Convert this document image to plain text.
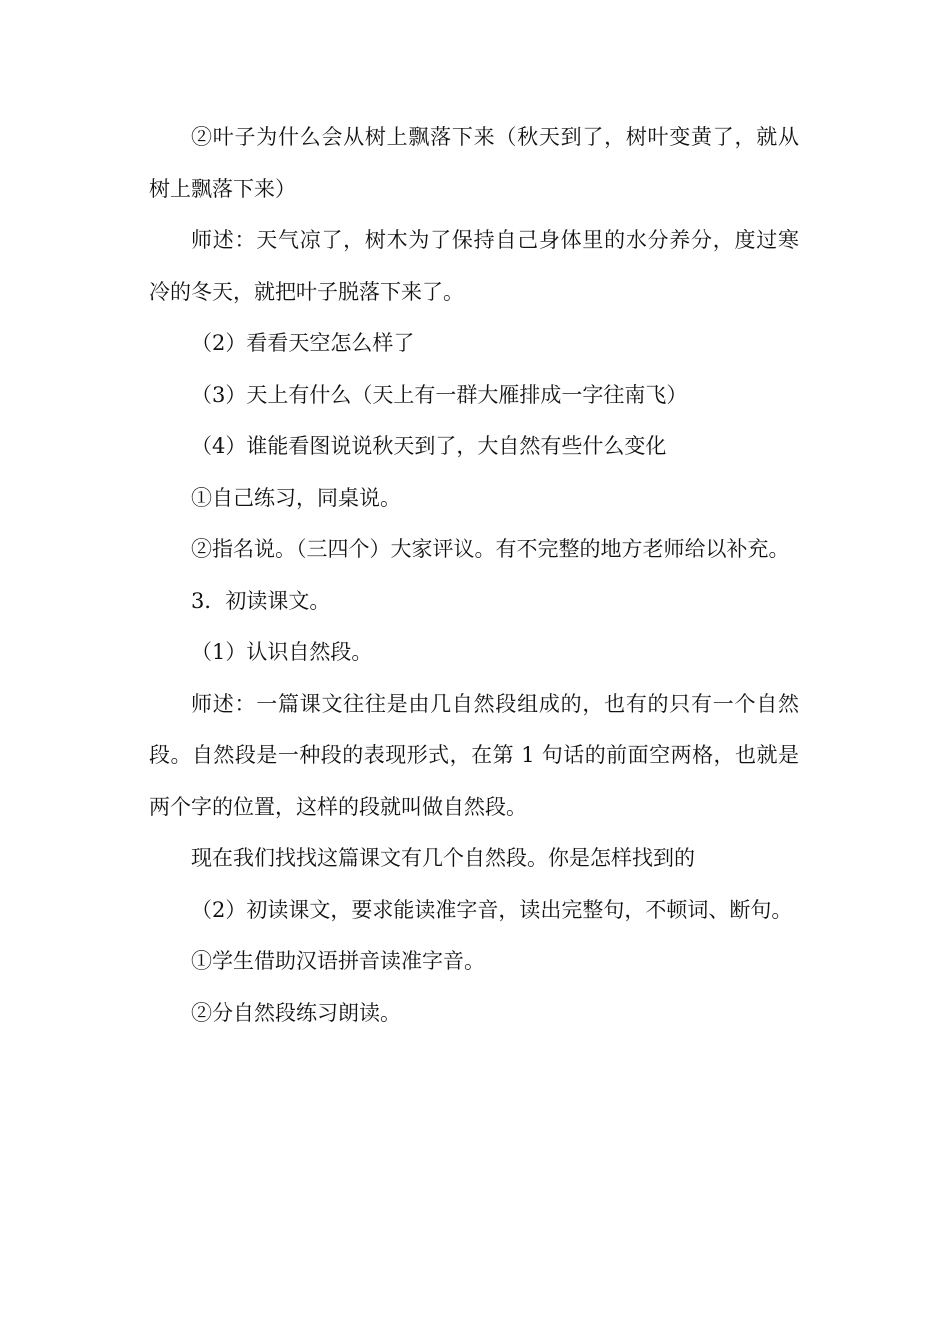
②叶子为什么会从树上飘落下来（秋天到了，树叶变黄了，就从树上飘落下来）

师述：天气凉了，树木为了保持自己身体里的水分养分，度过寒冷的冬天，就把叶子脱落下来了。

（2）看看天空怎么样了

（3）天上有什么（天上有一群大雁排成一字往南飞）

（4）谁能看图说说秋天到了，大自然有些什么变化

①自己练习，同桌说。

②指名说。（三四个）大家评议。有不完整的地方老师给以补充。

3．初读课文。

（1）认识自然段。

师述：一篇课文往往是由几自然段组成的，也有的只有一个自然段。自然段是一种段的表现形式，在第 1 句话的前面空两格，也就是两个字的位置，这样的段就叫做自然段。

现在我们找找这篇课文有几个自然段。你是怎样找到的

（2）初读课文，要求能读准字音，读出完整句，不顿词、断句。

①学生借助汉语拼音读准字音。

②分自然段练习朗读。
